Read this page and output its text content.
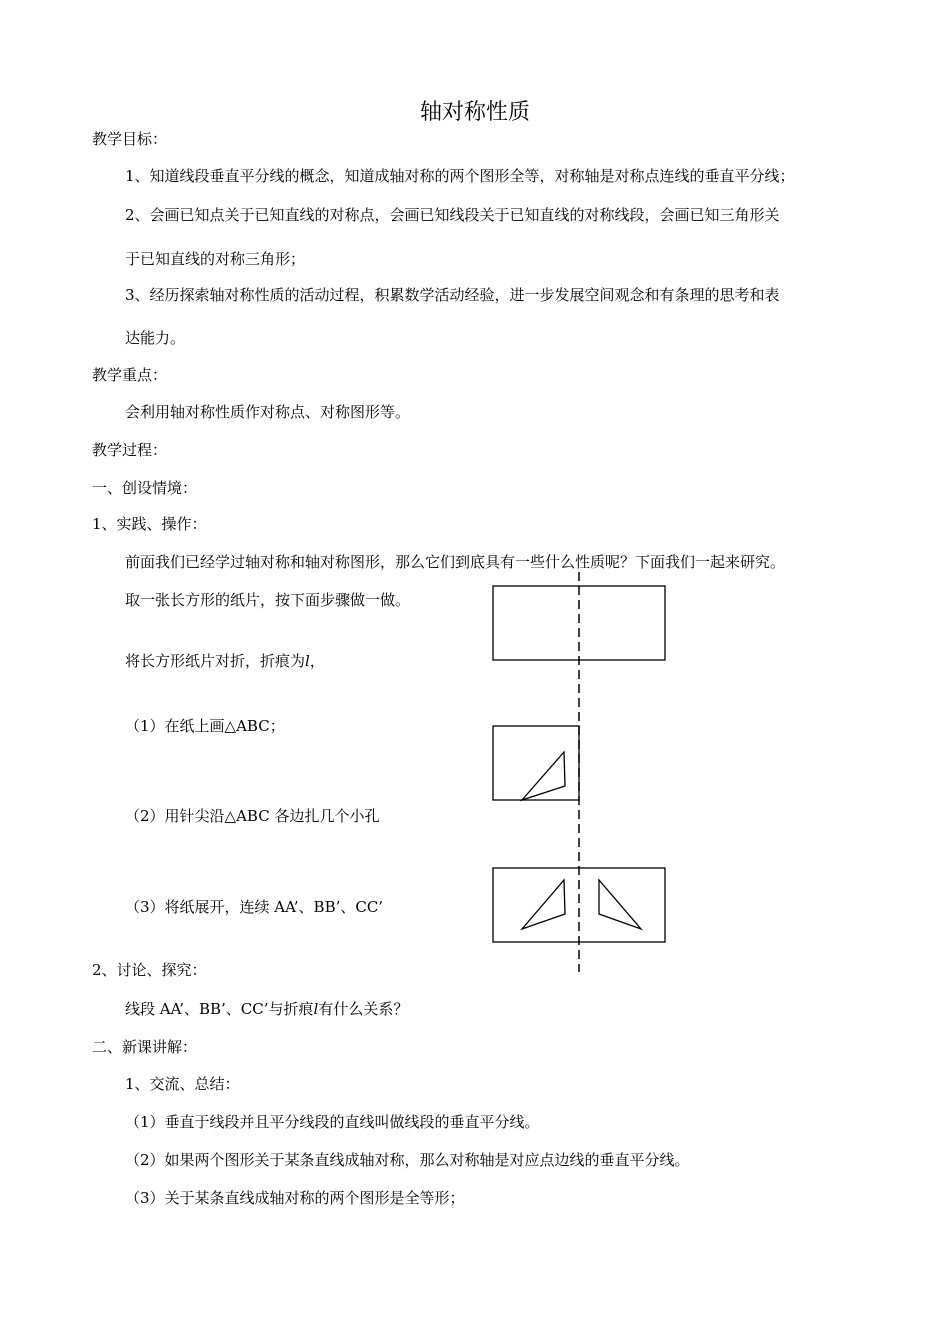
轴对称性质
教学目标：
1、知道线段垂直平分线的概念，知道成轴对称的两个图形全等，对称轴是对称点连线的垂直平分线；
2、会画已知点关于已知直线的对称点，会画已知线段关于已知直线的对称线段，会画已知三角形关
于已知直线的对称三角形；
3、经历探索轴对称性质的活动过程，积累数学活动经验，进一步发展空间观念和有条理的思考和表
达能力。
教学重点：
会利用轴对称性质作对称点、对称图形等。
教学过程：
一、创设情境：
1、实践、操作：
前面我们已经学过轴对称和轴对称图形，那么它们到底具有一些什么性质呢？下面我们一起来研究。
取一张长方形的纸片，按下面步骤做一做。
将长方形纸片对折，折痕为l，
（1）在纸上画△ABC；
（2）用针尖沿△ABC 各边扎几个小孔
（3）将纸展开，连续 AA’、BB’、CC’
2、讨论、探究：
线段 AA’、BB’、CC’与折痕l有什么关系？
二、新课讲解：
1、交流、总结：
（1）垂直于线段并且平分线段的直线叫做线段的垂直平分线。
（2）如果两个图形关于某条直线成轴对称，那么对称轴是对应点边线的垂直平分线。
（3）关于某条直线成轴对称的两个图形是全等形；
